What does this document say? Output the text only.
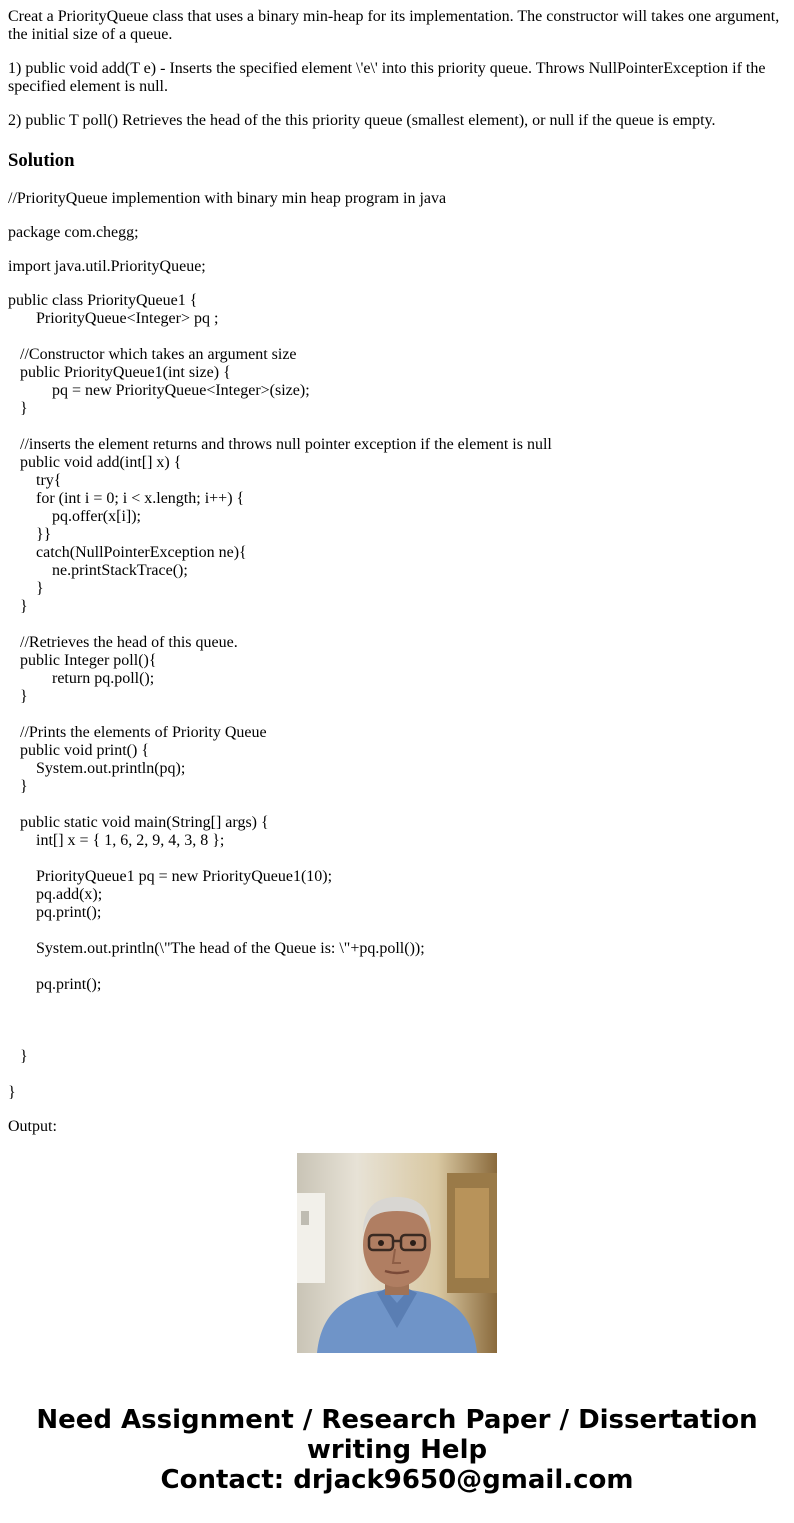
Creat a PriorityQueue class that uses a binary min-heap for its implementation. The constructor will takes one argument, the initial size of a queue.

1) public void add(T e) - Inserts the specified element \'e\' into this priority queue. Throws NullPointerException if the specified element is null.

2) public T poll() Retrieves the head of the this priority queue (smallest element), or null if the queue is empty.

Solution

//PriorityQueue implemention with binary min heap program in java

package com.chegg;

import java.util.PriorityQueue;

public class PriorityQueue1 {
PriorityQueue<Integer> pq ;

//Constructor which takes an argument size
public PriorityQueue1(int size) {
pq = new PriorityQueue<Integer>(size);
}

//inserts the element returns and throws null pointer exception if the element is null
public void add(int[] x) {
try{
for (int i = 0; i < x.length; i++) {
pq.offer(x[i]);
}}
catch(NullPointerException ne){
ne.printStackTrace();
}
}

//Retrieves the head of this queue.
public Integer poll(){
return pq.poll();
}

//Prints the elements of Priority Queue
public void print() {
System.out.println(pq);
}

public static void main(String[] args) {
int[] x = { 1, 6, 2, 9, 4, 3, 8 };

PriorityQueue1 pq = new PriorityQueue1(10);
pq.add(x);
pq.print();

System.out.println(\"The head of the Queue is: \"+pq.poll());

pq.print();

}

}

Output:

Need Assignment / Research Paper / Dissertation
writing Help
Contact: drjack9650@gmail.com
